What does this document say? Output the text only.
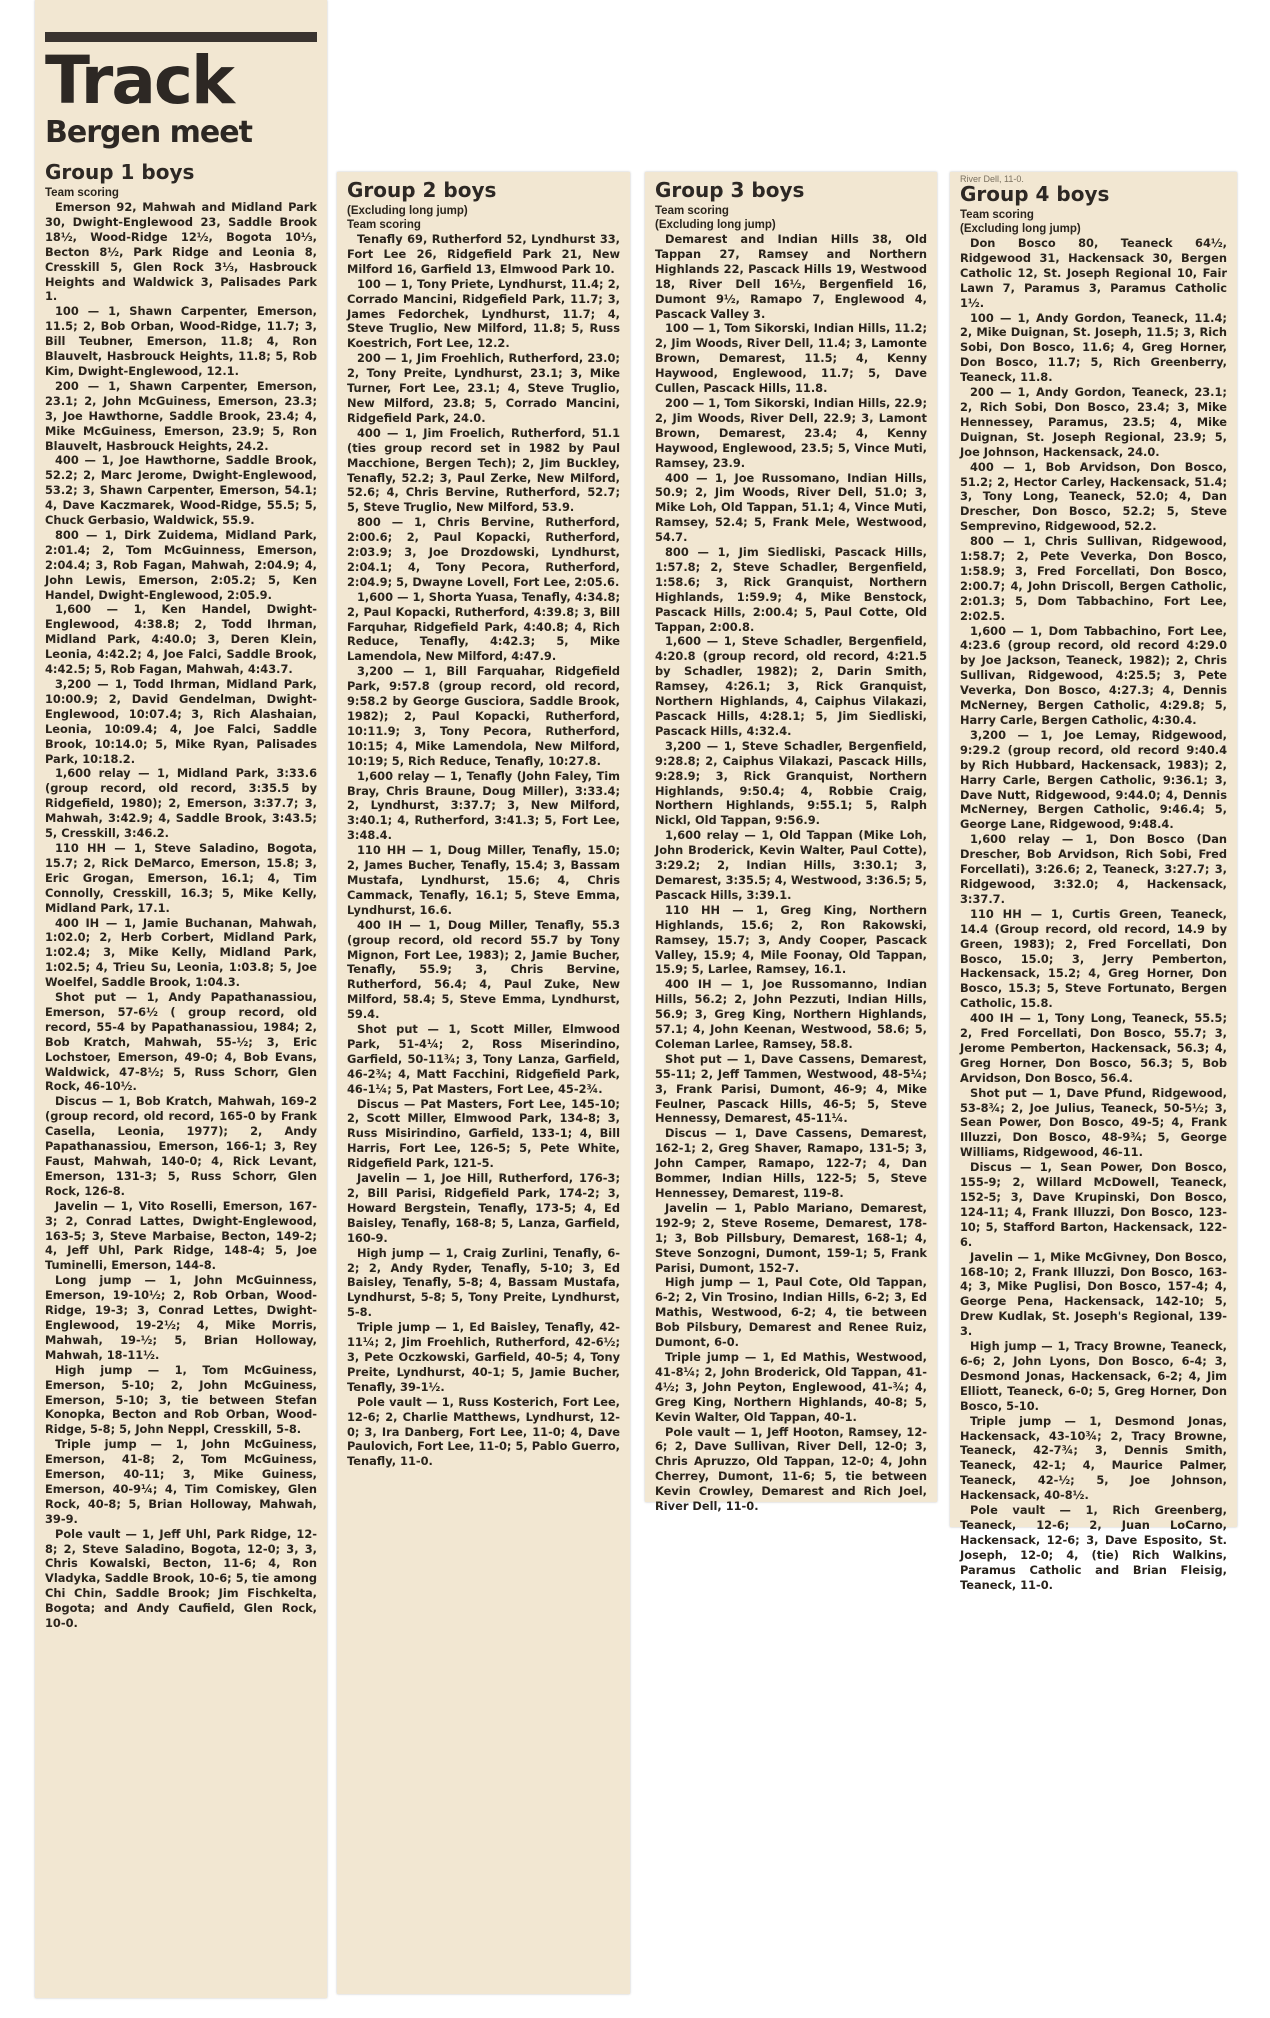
Track
Bergen meet
Group 1 boys
Team scoring

Emerson 92, Mahwah and Midland Park 30, Dwight-Englewood 23, Saddle Brook 18½, Wood-Ridge 12½, Bogota 10⅓, Becton 8½, Park Ridge and Leonia 8, Cresskill 5, Glen Rock 3⅓, Hasbrouck Heights and Waldwick 3, Palisades Park 1.

100 — 1, Shawn Carpenter, Emerson, 11.5; 2, Bob Orban, Wood-Ridge, 11.7; 3, Bill Teubner, Emerson, 11.8; 4, Ron Blauvelt, Hasbrouck Heights, 11.8; 5, Rob Kim, Dwight-Englewood, 12.1.

200 — 1, Shawn Carpenter, Emerson, 23.1; 2, John McGuiness, Emerson, 23.3; 3, Joe Hawthorne, Saddle Brook, 23.4; 4, Mike McGuiness, Emerson, 23.9; 5, Ron Blauvelt, Hasbrouck Heights, 24.2.

400 — 1, Joe Hawthorne, Saddle Brook, 52.2; 2, Marc Jerome, Dwight-Englewood, 53.2; 3, Shawn Carpenter, Emerson, 54.1; 4, Dave Kaczmarek, Wood-Ridge, 55.5; 5, Chuck Gerbasio, Waldwick, 55.9.

800 — 1, Dirk Zuidema, Midland Park, 2:01.4; 2, Tom McGuinness, Emerson, 2:04.4; 3, Rob Fagan, Mahwah, 2:04.9; 4, John Lewis, Emerson, 2:05.2; 5, Ken Handel, Dwight-Englewood, 2:05.9.

1,600 — 1, Ken Handel, Dwight-Englewood, 4:38.8; 2, Todd Ihrman, Midland Park, 4:40.0; 3, Deren Klein, Leonia, 4:42.2; 4, Joe Falci, Saddle Brook, 4:42.5; 5, Rob Fagan, Mahwah, 4:43.7.

3,200 — 1, Todd Ihrman, Midland Park, 10:00.9; 2, David Gendelman, Dwight-Englewood, 10:07.4; 3, Rich Alashaian, Leonia, 10:09.4; 4, Joe Falci, Saddle Brook, 10:14.0; 5, Mike Ryan, Palisades Park, 10:18.2.

1,600 relay — 1, Midland Park, 3:33.6 (group record, old record, 3:35.5 by Ridgefield, 1980); 2, Emerson, 3:37.7; 3, Mahwah, 3:42.9; 4, Saddle Brook, 3:43.5; 5, Cresskill, 3:46.2.

110 HH — 1, Steve Saladino, Bogota, 15.7; 2, Rick DeMarco, Emerson, 15.8; 3, Eric Grogan, Emerson, 16.1; 4, Tim Connolly, Cresskill, 16.3; 5, Mike Kelly, Midland Park, 17.1.

400 IH — 1, Jamie Buchanan, Mahwah, 1:02.0; 2, Herb Corbert, Midland Park, 1:02.4; 3, Mike Kelly, Midland Park, 1:02.5; 4, Trieu Su, Leonia, 1:03.8; 5, Joe Woelfel, Saddle Brook, 1:04.3.

Shot put — 1, Andy Papathanassiou, Emerson, 57-6½ ( group record, old record, 55-4 by Papathanassiou, 1984; 2, Bob Kratch, Mahwah, 55-½; 3, Eric Lochstoer, Emerson, 49-0; 4, Bob Evans, Waldwick, 47-8½; 5, Russ Schorr, Glen Rock, 46-10½.

Discus — 1, Bob Kratch, Mahwah, 169-2 (group record, old record, 165-0 by Frank Casella, Leonia, 1977); 2, Andy Papathanassiou, Emerson, 166-1; 3, Rey Faust, Mahwah, 140-0; 4, Rick Levant, Emerson, 131-3; 5, Russ Schorr, Glen Rock, 126-8.

Javelin — 1, Vito Roselli, Emerson, 167-3; 2, Conrad Lattes, Dwight-Englewood, 163-5; 3, Steve Marbaise, Becton, 149-2; 4, Jeff Uhl, Park Ridge, 148-4; 5, Joe Tuminelli, Emerson, 144-8.

Long jump — 1, John McGuinness, Emerson, 19-10½; 2, Rob Orban, Wood-Ridge, 19-3; 3, Conrad Lettes, Dwight-Englewood, 19-2½; 4, Mike Morris, Mahwah, 19-½; 5, Brian Holloway, Mahwah, 18-11½.

High jump — 1, Tom McGuiness, Emerson, 5-10; 2, John McGuiness, Emerson, 5-10; 3, tie between Stefan Konopka, Becton and Rob Orban, Wood-Ridge, 5-8; 5, John Neppl, Cresskill, 5-8.

Triple jump — 1, John McGuiness, Emerson, 41-8; 2, Tom McGuiness, Emerson, 40-11; 3, Mike Guiness, Emerson, 40-9¼; 4, Tim Comiskey, Glen Rock, 40-8; 5, Brian Holloway, Mahwah, 39-9.

Pole vault — 1, Jeff Uhl, Park Ridge, 12-8; 2, Steve Saladino, Bogota, 12-0; 3, 3, Chris Kowalski, Becton, 11-6; 4, Ron Vladyka, Saddle Brook, 10-6; 5, tie among Chi Chin, Saddle Brook; Jim Fischkelta, Bogota; and Andy Caufield, Glen Rock, 10-0.

Group 2 boys
(Excluding long jump)
Team scoring

Tenafly 69, Rutherford 52, Lyndhurst 33, Fort Lee 26, Ridgefield Park 21, New Milford 16, Garfield 13, Elmwood Park 10.

100 — 1, Tony Priete, Lyndhurst, 11.4; 2, Corrado Mancini, Ridgefield Park, 11.7; 3, James Fedorchek, Lyndhurst, 11.7; 4, Steve Truglio, New Milford, 11.8; 5, Russ Koestrich, Fort Lee, 12.2.

200 — 1, Jim Froehlich, Rutherford, 23.0; 2, Tony Preite, Lyndhurst, 23.1; 3, Mike Turner, Fort Lee, 23.1; 4, Steve Truglio, New Milford, 23.8; 5, Corrado Mancini, Ridgefield Park, 24.0.

400 — 1, Jim Froelich, Rutherford, 51.1 (ties group record set in 1982 by Paul Macchione, Bergen Tech); 2, Jim Buckley, Tenafly, 52.2; 3, Paul Zerke, New Milford, 52.6; 4, Chris Bervine, Rutherford, 52.7; 5, Steve Truglio, New Milford, 53.9.

800 — 1, Chris Bervine, Rutherford, 2:00.6; 2, Paul Kopacki, Rutherford, 2:03.9; 3, Joe Drozdowski, Lyndhurst, 2:04.1; 4, Tony Pecora, Rutherford, 2:04.9; 5, Dwayne Lovell, Fort Lee, 2:05.6.

1,600 — 1, Shorta Yuasa, Tenafly, 4:34.8; 2, Paul Kopacki, Rutherford, 4:39.8; 3, Bill Farquhar, Ridgefield Park, 4:40.8; 4, Rich Reduce, Tenafly, 4:42.3; 5, Mike Lamendola, New Milford, 4:47.9.

3,200 — 1, Bill Farquahar, Ridgefield Park, 9:57.8 (group record, old record, 9:58.2 by George Gusciora, Saddle Brook, 1982); 2, Paul Kopacki, Rutherford, 10:11.9; 3, Tony Pecora, Rutherford, 10:15; 4, Mike Lamendola, New Milford, 10:19; 5, Rich Reduce, Tenafly, 10:27.8.

1,600 relay — 1, Tenafly (John Faley, Tim Bray, Chris Braune, Doug Miller), 3:33.4; 2, Lyndhurst, 3:37.7; 3, New Milford, 3:40.1; 4, Rutherford, 3:41.3; 5, Fort Lee, 3:48.4.

110 HH — 1, Doug Miller, Tenafly, 15.0; 2, James Bucher, Tenafly, 15.4; 3, Bassam Mustafa, Lyndhurst, 15.6; 4, Chris Cammack, Tenafly, 16.1; 5, Steve Emma, Lyndhurst, 16.6.

400 IH — 1, Doug Miller, Tenafly, 55.3 (group record, old record 55.7 by Tony Mignon, Fort Lee, 1983); 2, Jamie Bucher, Tenafly, 55.9; 3, Chris Bervine, Rutherford, 56.4; 4, Paul Zuke, New Milford, 58.4; 5, Steve Emma, Lyndhurst, 59.4.

Shot put — 1, Scott Miller, Elmwood Park, 51-4¼; 2, Ross Miserindino, Garfield, 50-11¾; 3, Tony Lanza, Garfield, 46-2¾; 4, Matt Facchini, Ridgefield Park, 46-1¼; 5, Pat Masters, Fort Lee, 45-2¾.

Discus — Pat Masters, Fort Lee, 145-10; 2, Scott Miller, Elmwood Park, 134-8; 3, Russ Misirindino, Garfield, 133-1; 4, Bill Harris, Fort Lee, 126-5; 5, Pete White, Ridgefield Park, 121-5.

Javelin — 1, Joe Hill, Rutherford, 176-3; 2, Bill Parisi, Ridgefield Park, 174-2; 3, Howard Bergstein, Tenafly, 173-5; 4, Ed Baisley, Tenafly, 168-8; 5, Lanza, Garfield, 160-9.

High jump — 1, Craig Zurlini, Tenafly, 6-2; 2, Andy Ryder, Tenafly, 5-10; 3, Ed Baisley, Tenafly, 5-8; 4, Bassam Mustafa, Lyndhurst, 5-8; 5, Tony Preite, Lyndhurst, 5-8.

Triple jump — 1, Ed Baisley, Tenafly, 42-11¼; 2, Jim Froehlich, Rutherford, 42-6½; 3, Pete Oczkowski, Garfield, 40-5; 4, Tony Preite, Lyndhurst, 40-1; 5, Jamie Bucher, Tenafly, 39-1½.

Pole vault — 1, Russ Kosterich, Fort Lee, 12-6; 2, Charlie Matthews, Lyndhurst, 12-0; 3, Ira Danberg, Fort Lee, 11-0; 4, Dave Paulovich, Fort Lee, 11-0; 5, Pablo Guerro, Tenafly, 11-0.

Group 3 boys
Team scoring
(Excluding long jump)

Demarest and Indian Hills 38, Old Tappan 27, Ramsey and Northern Highlands 22, Pascack Hills 19, Westwood 18, River Dell 16½, Bergenfield 16, Dumont 9½, Ramapo 7, Englewood 4, Pascack Valley 3.

100 — 1, Tom Sikorski, Indian Hills, 11.2; 2, Jim Woods, River Dell, 11.4; 3, Lamonte Brown, Demarest, 11.5; 4, Kenny Haywood, Englewood, 11.7; 5, Dave Cullen, Pascack Hills, 11.8.

200 — 1, Tom Sikorski, Indian Hills, 22.9; 2, Jim Woods, River Dell, 22.9; 3, Lamont Brown, Demarest, 23.4; 4, Kenny Haywood, Englewood, 23.5; 5, Vince Muti, Ramsey, 23.9.

400 — 1, Joe Russomano, Indian Hills, 50.9; 2, Jim Woods, River Dell, 51.0; 3, Mike Loh, Old Tappan, 51.1; 4, Vince Muti, Ramsey, 52.4; 5, Frank Mele, Westwood, 54.7.

800 — 1, Jim Siedliski, Pascack Hills, 1:57.8; 2, Steve Schadler, Bergenfield, 1:58.6; 3, Rick Granquist, Northern Highlands, 1:59.9; 4, Mike Benstock, Pascack Hills, 2:00.4; 5, Paul Cotte, Old Tappan, 2:00.8.

1,600 — 1, Steve Schadler, Bergenfield, 4:20.8 (group record, old record, 4:21.5 by Schadler, 1982); 2, Darin Smith, Ramsey, 4:26.1; 3, Rick Granquist, Northern Highlands, 4, Caiphus Vilakazi, Pascack Hills, 4:28.1; 5, Jim Siedliski, Pascack Hills, 4:32.4.

3,200 — 1, Steve Schadler, Bergenfield, 9:28.8; 2, Caiphus Vilakazi, Pascack Hills, 9:28.9; 3, Rick Granquist, Northern Highlands, 9:50.4; 4, Robbie Craig, Northern Highlands, 9:55.1; 5, Ralph Nickl, Old Tappan, 9:56.9.

1,600 relay — 1, Old Tappan (Mike Loh, John Broderick, Kevin Walter, Paul Cotte), 3:29.2; 2, Indian Hills, 3:30.1; 3, Demarest, 3:35.5; 4, Westwood, 3:36.5; 5, Pascack Hills, 3:39.1.

110 HH — 1, Greg King, Northern Highlands, 15.6; 2, Ron Rakowski, Ramsey, 15.7; 3, Andy Cooper, Pascack Valley, 15.9; 4, Mile Foonay, Old Tappan, 15.9; 5, Larlee, Ramsey, 16.1.

400 IH — 1, Joe Russomanno, Indian Hills, 56.2; 2, John Pezzuti, Indian Hills, 56.9; 3, Greg King, Northern Highlands, 57.1; 4, John Keenan, Westwood, 58.6; 5, Coleman Larlee, Ramsey, 58.8.

Shot put — 1, Dave Cassens, Demarest, 55-11; 2, Jeff Tammen, Westwood, 48-5¼; 3, Frank Parisi, Dumont, 46-9; 4, Mike Feulner, Pascack Hills, 46-5; 5, Steve Hennessy, Demarest, 45-11¼.

Discus — 1, Dave Cassens, Demarest, 162-1; 2, Greg Shaver, Ramapo, 131-5; 3, John Camper, Ramapo, 122-7; 4, Dan Bommer, Indian Hills, 122-5; 5, Steve Hennessey, Demarest, 119-8.

Javelin — 1, Pablo Mariano, Demarest, 192-9; 2, Steve Roseme, Demarest, 178-1; 3, Bob Pillsbury, Demarest, 168-1; 4, Steve Sonzogni, Dumont, 159-1; 5, Frank Parisi, Dumont, 152-7.

High jump — 1, Paul Cote, Old Tappan, 6-2; 2, Vin Trosino, Indian Hills, 6-2; 3, Ed Mathis, Westwood, 6-2; 4, tie between Bob Pilsbury, Demarest and Renee Ruiz, Dumont, 6-0.

Triple jump — 1, Ed Mathis, Westwood, 41-8¼; 2, John Broderick, Old Tappan, 41-4½; 3, John Peyton, Englewood, 41-¾; 4, Greg King, Northern Highlands, 40-8; 5, Kevin Walter, Old Tappan, 40-1.

Pole vault — 1, Jeff Hooton, Ramsey, 12-6; 2, Dave Sullivan, River Dell, 12-0; 3, Chris Apruzzo, Old Tappan, 12-0; 4, John Cherrey, Dumont, 11-6; 5, tie between Kevin Crowley, Demarest and Rich Joel, River Dell, 11-0.

River Dell, 11-0.
Group 4 boys
Team scoring
(Excluding long jump)

Don Bosco 80, Teaneck 64½, Ridgewood 31, Hackensack 30, Bergen Catholic 12, St. Joseph Regional 10, Fair Lawn 7, Paramus 3, Paramus Catholic 1½.

100 — 1, Andy Gordon, Teaneck, 11.4; 2, Mike Duignan, St. Joseph, 11.5; 3, Rich Sobi, Don Bosco, 11.6; 4, Greg Horner, Don Bosco, 11.7; 5, Rich Greenberry, Teaneck, 11.8.

200 — 1, Andy Gordon, Teaneck, 23.1; 2, Rich Sobi, Don Bosco, 23.4; 3, Mike Hennessey, Paramus, 23.5; 4, Mike Duignan, St. Joseph Regional, 23.9; 5, Joe Johnson, Hackensack, 24.0.

400 — 1, Bob Arvidson, Don Bosco, 51.2; 2, Hector Carley, Hackensack, 51.4; 3, Tony Long, Teaneck, 52.0; 4, Dan Drescher, Don Bosco, 52.2; 5, Steve Semprevino, Ridgewood, 52.2.

800 — 1, Chris Sullivan, Ridgewood, 1:58.7; 2, Pete Veverka, Don Bosco, 1:58.9; 3, Fred Forcellati, Don Bosco, 2:00.7; 4, John Driscoll, Bergen Catholic, 2:01.3; 5, Dom Tabbachino, Fort Lee, 2:02.5.

1,600 — 1, Dom Tabbachino, Fort Lee, 4:23.6 (group record, old record 4:29.0 by Joe Jackson, Teaneck, 1982); 2, Chris Sullivan, Ridgewood, 4:25.5; 3, Pete Veverka, Don Bosco, 4:27.3; 4, Dennis McNerney, Bergen Catholic, 4:29.8; 5, Harry Carle, Bergen Catholic, 4:30.4.

3,200 — 1, Joe Lemay, Ridgewood, 9:29.2 (group record, old record 9:40.4 by Rich Hubbard, Hackensack, 1983); 2, Harry Carle, Bergen Catholic, 9:36.1; 3, Dave Nutt, Ridgewood, 9:44.0; 4, Dennis McNerney, Bergen Catholic, 9:46.4; 5, George Lane, Ridgewood, 9:48.4.

1,600 relay — 1, Don Bosco (Dan Drescher, Bob Arvidson, Rich Sobi, Fred Forcellati), 3:26.6; 2, Teaneck, 3:27.7; 3, Ridgewood, 3:32.0; 4, Hackensack, 3:37.7.

110 HH — 1, Curtis Green, Teaneck, 14.4 (Group record, old record, 14.9 by Green, 1983); 2, Fred Forcellati, Don Bosco, 15.0; 3, Jerry Pemberton, Hackensack, 15.2; 4, Greg Horner, Don Bosco, 15.3; 5, Steve Fortunato, Bergen Catholic, 15.8.

400 IH — 1, Tony Long, Teaneck, 55.5; 2, Fred Forcellati, Don Bosco, 55.7; 3, Jerome Pemberton, Hackensack, 56.3; 4, Greg Horner, Don Bosco, 56.3; 5, Bob Arvidson, Don Bosco, 56.4.

Shot put — 1, Dave Pfund, Ridgewood, 53-8¾; 2, Joe Julius, Teaneck, 50-5½; 3, Sean Power, Don Bosco, 49-5; 4, Frank Illuzzi, Don Bosco, 48-9¾; 5, George Williams, Ridgewood, 46-11.

Discus — 1, Sean Power, Don Bosco, 155-9; 2, Willard McDowell, Teaneck, 152-5; 3, Dave Krupinski, Don Bosco, 124-11; 4, Frank Illuzzi, Don Bosco, 123-10; 5, Stafford Barton, Hackensack, 122-6.

Javelin — 1, Mike McGivney, Don Bosco, 168-10; 2, Frank Illuzzi, Don Bosco, 163-4; 3, Mike Puglisi, Don Bosco, 157-4; 4, George Pena, Hackensack, 142-10; 5, Drew Kudlak, St. Joseph's Regional, 139-3.

High jump — 1, Tracy Browne, Teaneck, 6-6; 2, John Lyons, Don Bosco, 6-4; 3, Desmond Jonas, Hackensack, 6-2; 4, Jim Elliott, Teaneck, 6-0; 5, Greg Horner, Don Bosco, 5-10.

Triple jump — 1, Desmond Jonas, Hackensack, 43-10¾; 2, Tracy Browne, Teaneck, 42-7¾; 3, Dennis Smith, Teaneck, 42-1; 4, Maurice Palmer, Teaneck, 42-½; 5, Joe Johnson, Hackensack, 40-8½.

Pole vault — 1, Rich Greenberg, Teaneck, 12-6; 2, Juan LoCarno, Hackensack, 12-6; 3, Dave Esposito, St. Joseph, 12-0; 4, (tie) Rich Walkins, Paramus Catholic and Brian Fleisig, Teaneck, 11-0.
